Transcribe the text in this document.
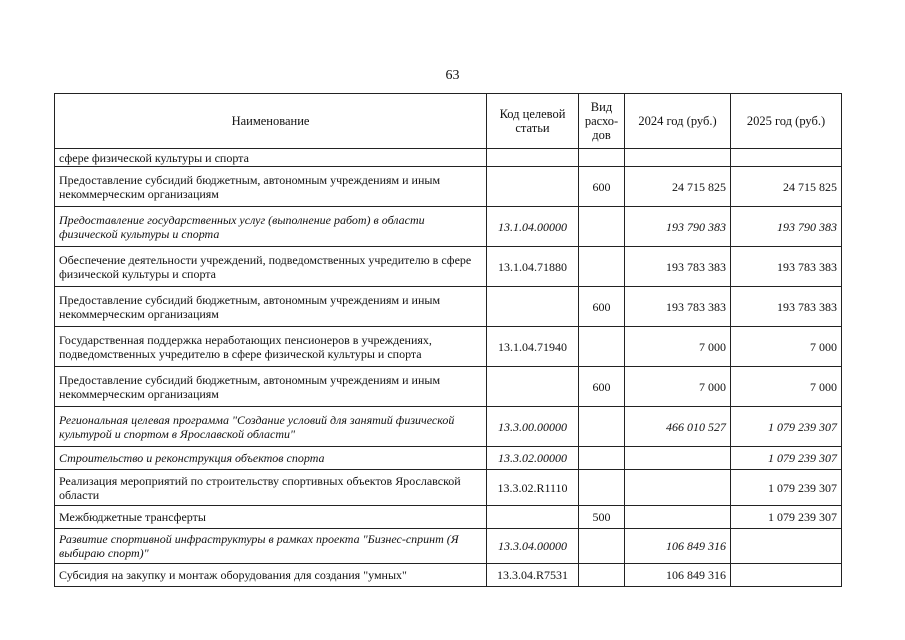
63
Наименование	Код целевой статьи	Вид расхо-дов	2024 год (руб.)	2025 год (руб.)
сфере физической культуры и спорта				
Предоставление субсидий бюджетным, автономным учреждениям и иным некоммерческим организациям		600	24 715 825	24 715 825
Предоставление государственных услуг (выполнение работ) в области физической культуры и спорта	13.1.04.00000		193 790 383	193 790 383
Обеспечение деятельности учреждений, подведомственных учредителю в сфере физической культуры и спорта	13.1.04.71880		193 783 383	193 783 383
Предоставление субсидий бюджетным, автономным учреждениям и иным некоммерческим организациям		600	193 783 383	193 783 383
Государственная поддержка неработающих пенсионеров в учреждениях, подведомственных учредителю в сфере физической культуры и спорта	13.1.04.71940		7 000	7 000
Предоставление субсидий бюджетным, автономным учреждениям и иным некоммерческим организациям		600	7 000	7 000
Региональная целевая программа "Создание условий для занятий физической культурой и спортом в Ярославской области"	13.3.00.00000		466 010 527	1 079 239 307
Строительство и реконструкция объектов спорта	13.3.02.00000			1 079 239 307
Реализация мероприятий по строительству спортивных объектов Ярославской области	13.3.02.R1110			1 079 239 307
Межбюджетные трансферты		500		1 079 239 307
Развитие спортивной инфраструктуры в рамках проекта "Бизнес-спринт (Я выбираю спорт)"	13.3.04.00000		106 849 316	
Субсидия на закупку и монтаж оборудования для создания "умных"	13.3.04.R7531		106 849 316	
